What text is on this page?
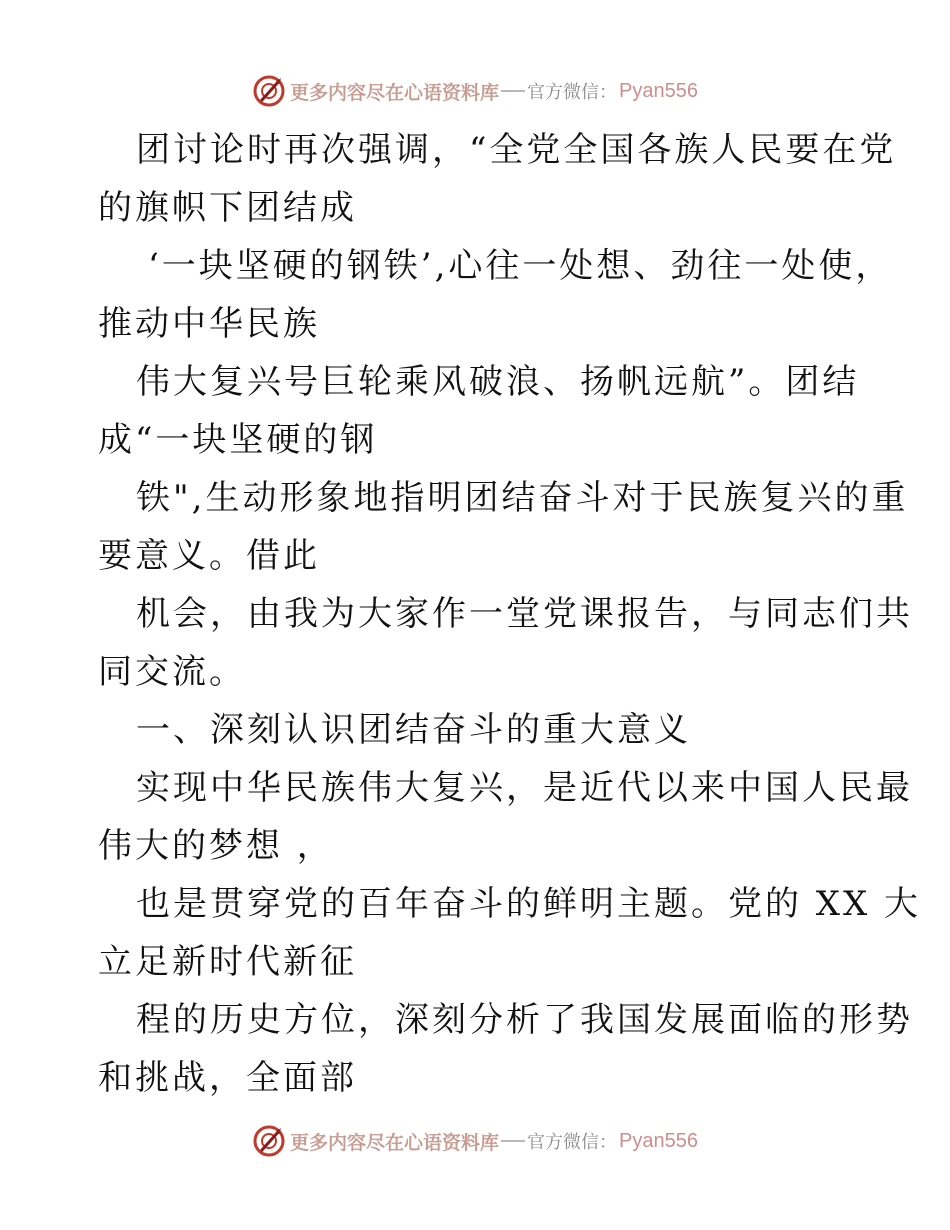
更多内容尽在心语资料库 官方微信： Pyan556
团讨论时再次强调，“全党全国各族人民要在党
的旗帜下团结成
‘一块坚硬的钢铁’,心往一处想、劲往一处使，
推动中华民族
伟大复兴号巨轮乘风破浪、扬帆远航”。团结
成“一块坚硬的钢
铁",生动形象地指明团结奋斗对于民族复兴的重
要意义。借此
机会，由我为大家作一堂党课报告，与同志们共
同交流。
一、深刻认识团结奋斗的重大意义
实现中华民族伟大复兴，是近代以来中国人民最
伟大的梦想 ，
也是贯穿党的百年奋斗的鲜明主题。党的 XX 大
立足新时代新征
程的历史方位，深刻分析了我国发展面临的形势
和挑战，全面部
更多内容尽在心语资料库 官方微信： Pyan556
